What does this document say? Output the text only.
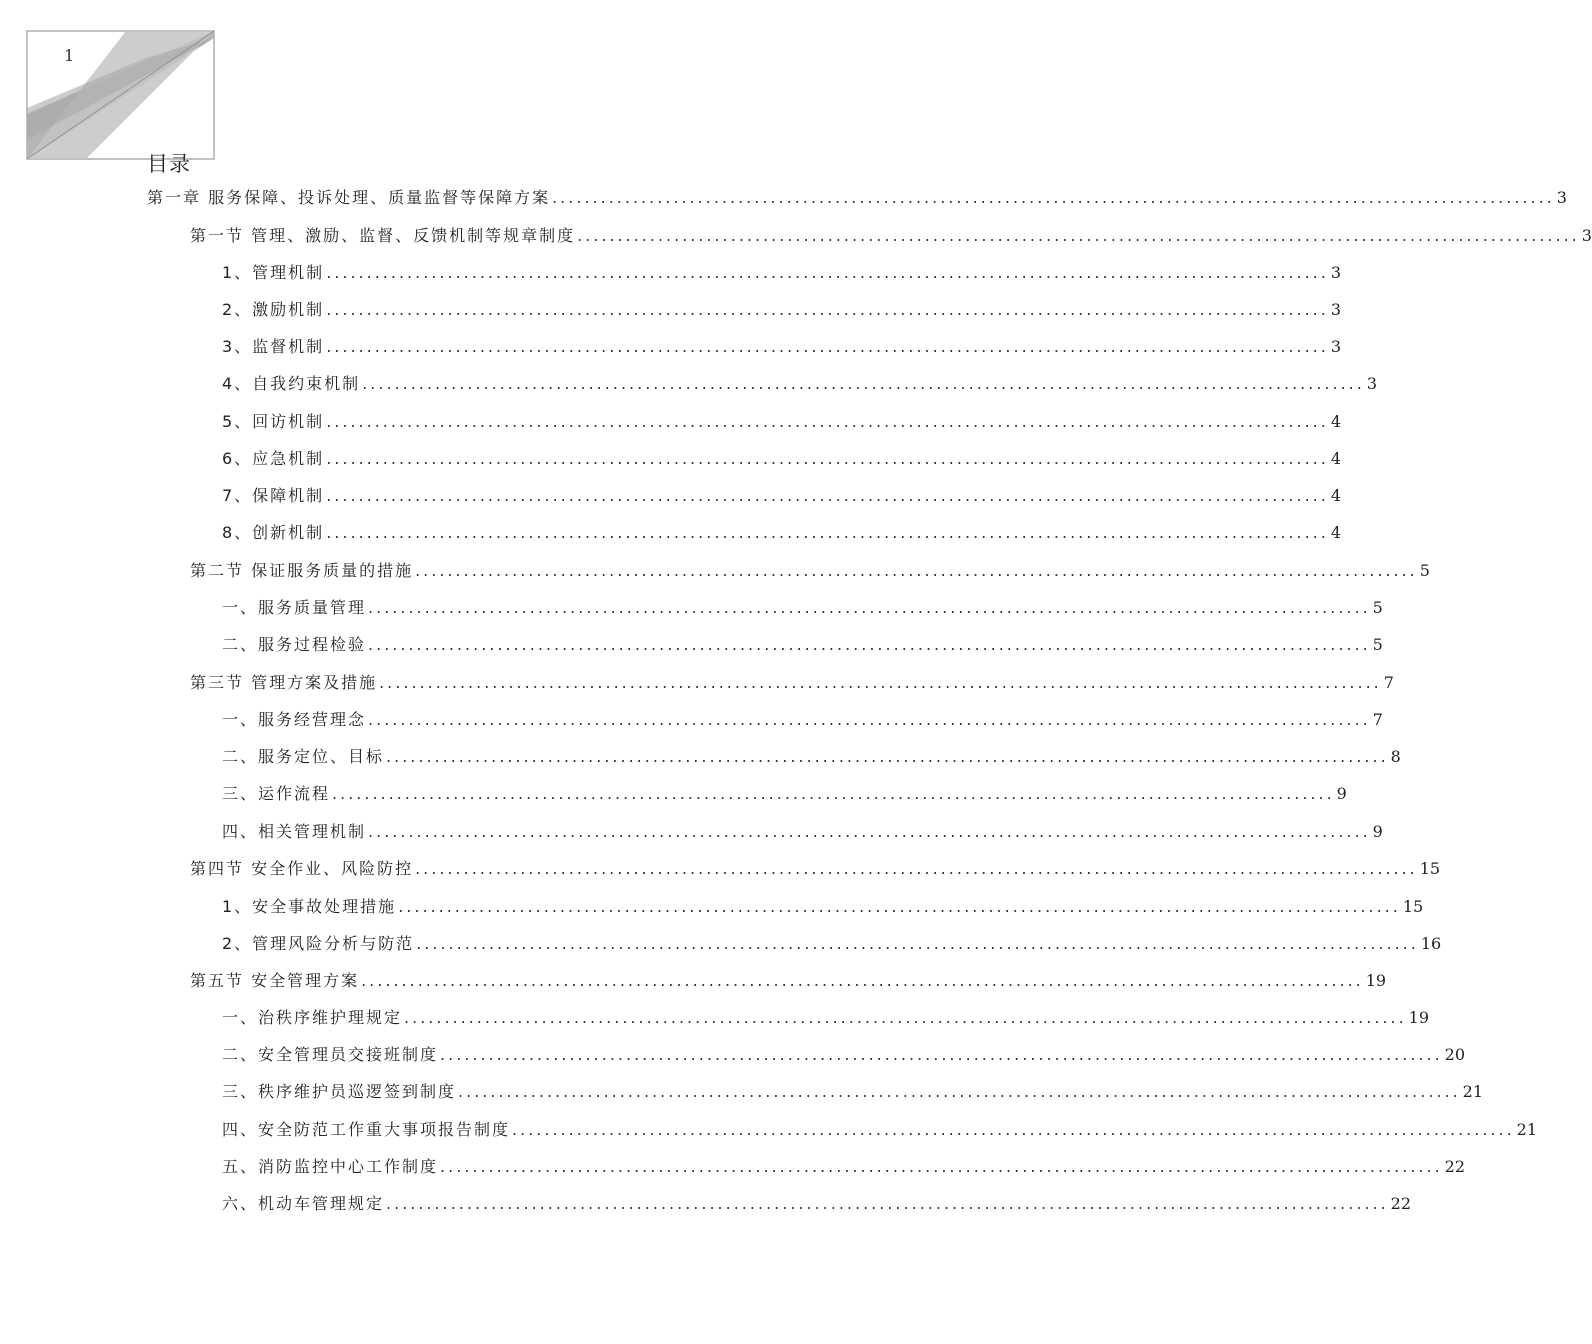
1
目录
第一章 服务保障、投诉处理、质量监督等保障方案 ............................................................................................................................ 3
第一节 管理、激励、监督、反馈机制等规章制度 ............................................................................................................................ 3
1、管理机制 ............................................................................................................................ 3
2、激励机制 ............................................................................................................................ 3
3、监督机制 ............................................................................................................................ 3
4、自我约束机制 ............................................................................................................................ 3
5、回访机制 ............................................................................................................................ 4
6、应急机制 ............................................................................................................................ 4
7、保障机制 ............................................................................................................................ 4
8、创新机制 ............................................................................................................................ 4
第二节 保证服务质量的措施 ............................................................................................................................ 5
一、服务质量管理 ............................................................................................................................ 5
二、服务过程检验 ............................................................................................................................ 5
第三节 管理方案及措施 ............................................................................................................................ 7
一、服务经营理念 ............................................................................................................................ 7
二、服务定位、目标 ............................................................................................................................ 8
三、运作流程 ............................................................................................................................ 9
四、相关管理机制 ............................................................................................................................ 9
第四节 安全作业、风险防控 ............................................................................................................................ 15
1、安全事故处理措施 ............................................................................................................................ 15
2、管理风险分析与防范 ............................................................................................................................ 16
第五节 安全管理方案 ............................................................................................................................ 19
一、治秩序维护理规定 ............................................................................................................................ 19
二、安全管理员交接班制度 ............................................................................................................................ 20
三、秩序维护员巡逻签到制度 ............................................................................................................................ 21
四、安全防范工作重大事项报告制度 ............................................................................................................................ 21
五、消防监控中心工作制度 ............................................................................................................................ 22
六、机动车管理规定 ............................................................................................................................ 22
